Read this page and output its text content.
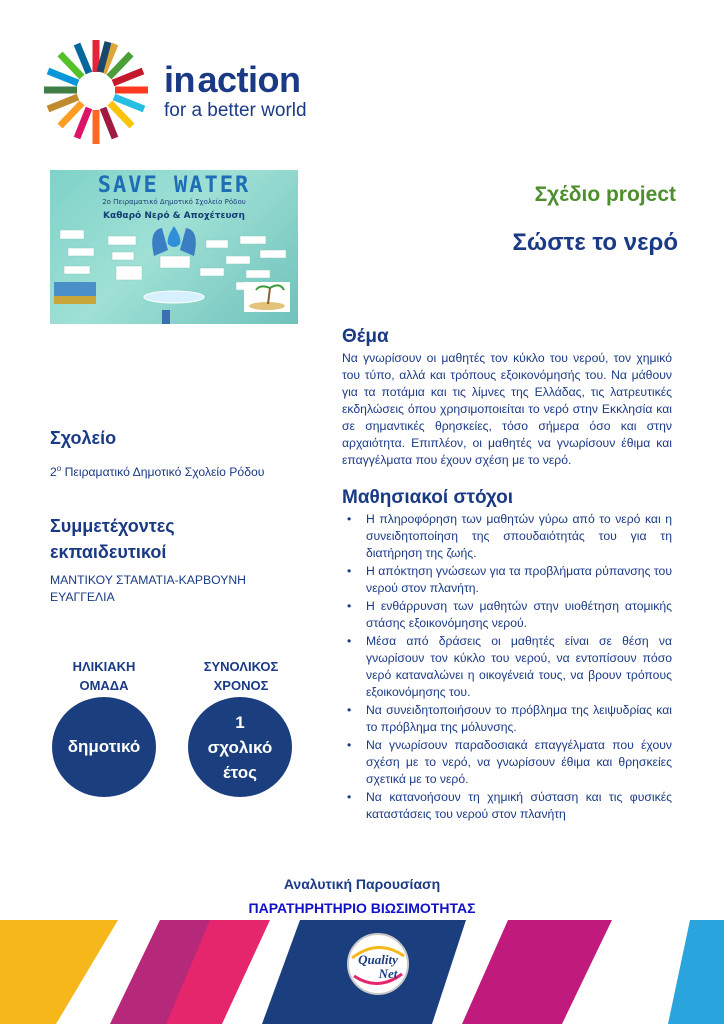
in action
for a better world
SAVE WATER
2ο Πειραματικό Δημοτικό Σχολείο Ρόδου
Καθαρό Νερό & Αποχέτευση
Σχέδιο project
Σώστε το νερό
Θέμα

Να γνωρίσουν οι μαθητές τον κύκλο του νερού, τον χημικό του τύπο, αλλά και τρόπους εξοικονόμησής του. Να μάθουν για τα ποτάμια και τις λίμνες της Ελλάδας, τις λατρευτικές εκδηλώσεις όπου χρησιμοποιείται το νερό στην Εκκλησία και σε σημαντικές θρησκείες, τόσο σήμερα όσο και στην αρχαιότητα. Επιπλέον, οι μαθητές να γνωρίσουν έθιμα και επαγγέλματα που έχουν σχέση με το νερό.

Μαθησιακοί στόχοι
• Η πληροφόρηση των μαθητών γύρω από το νερό και η συνειδητοποίηση της σπουδαιότητάς του για τη διατήρηση της ζωής.
• Η απόκτηση γνώσεων για τα προβλήματα ρύπανσης του νερού στον πλανήτη.
• Η ενθάρρυνση των μαθητών στην υιοθέτηση ατομικής στάσης εξοικονόμησης νερού.
• Μέσα από δράσεις οι μαθητές είναι σε θέση να γνωρίσουν τον κύκλο του νερού, να εντοπίσουν πόσο νερό καταναλώνει η οικογένειά τους, να βρουν τρόπους εξοικονόμησης του.
• Να συνειδητοποιήσουν το πρόβλημα της λειψυδρίας και το πρόβλημα της μόλυνσης.
• Να γνωρίσουν παραδοσιακά επαγγέλματα που έχουν σχέση με το νερό, να γνωρίσουν έθιμα και θρησκείες σχετικά με το νερό.
• Να κατανοήσουν τη χημική σύσταση και τις φυσικές καταστάσεις του νερού στον πλανήτη
Σχολείο

$2^o$ Πειραματικό Δημοτικό Σχολείο Ρόδου

Συμμετέχοντες
εκπαιδευτικοί

ΜΑΝΤΙΚΟΥ ΣΤΑΜΑΤΙΑ-ΚΑΡΒΟΥΝΗ
ΕΥΑΓΓΕΛΙΑ

ΗΛΙΚΙΑΚΗ
ΟΜΑΔΑ
ΣΥΝΟΛΙΚΟΣ
ΧΡΟΝΟΣ
δημοτικό
1
σχολικό
έτος
Αναλυτική Παρουσίαση
ΠΑΡΑΤΗΡΗΤΗΡΙΟ ΒΙΩΣΙΜΟΤΗΤΑΣ
Quality
Net
